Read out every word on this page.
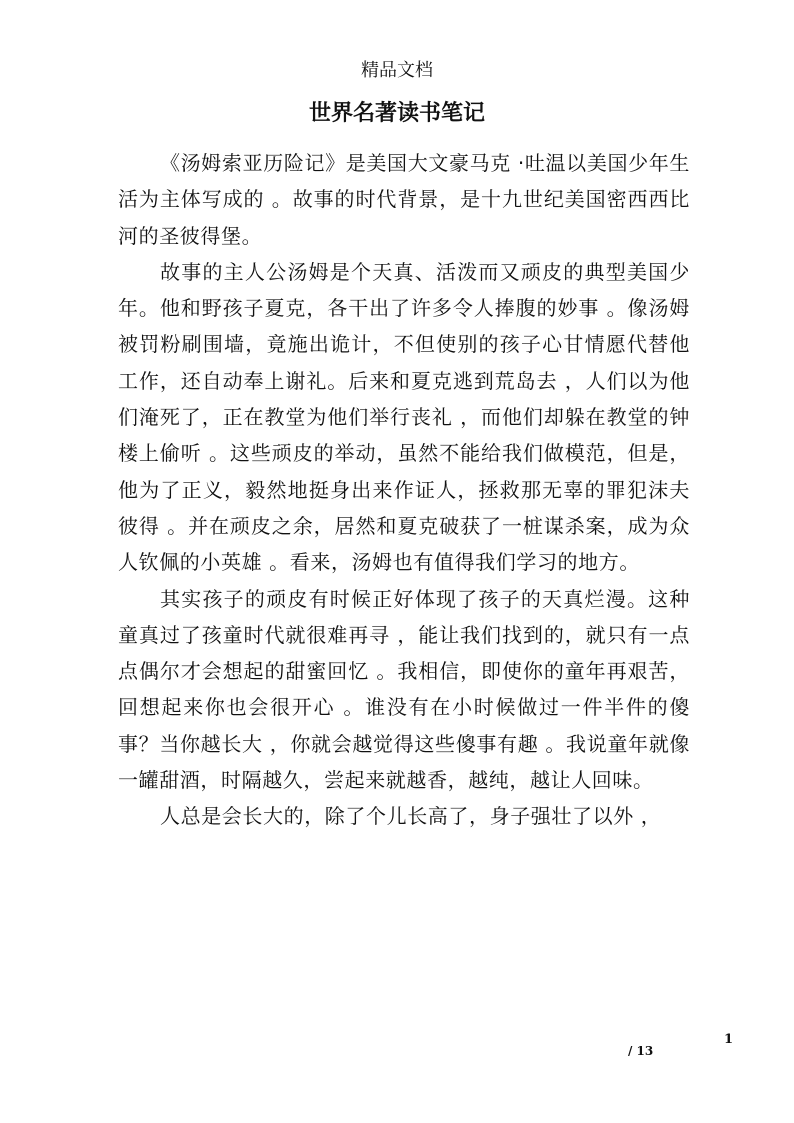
精品文档
世界名著读书笔记

《汤姆索亚历险记》是美国大文豪马克 ·吐温以美国少年生活为主体写成的 。故事的时代背景，是十九世纪美国密西西比河的圣彼得堡。

故事的主人公汤姆是个天真、活泼而又顽皮的典型美国少年。他和野孩子夏克，各干出了许多令人捧腹的妙事 。像汤姆被罚粉刷围墙，竟施出诡计，不但使别的孩子心甘情愿代替他工作，还自动奉上谢礼。后来和夏克逃到荒岛去 ，人们以为他们淹死了，正在教堂为他们举行丧礼 ，而他们却躲在教堂的钟楼上偷听 。这些顽皮的举动，虽然不能给我们做模范，但是，他为了正义，毅然地挺身出来作证人，拯救那无辜的罪犯沫夫彼得 。并在顽皮之余，居然和夏克破获了一桩谋杀案，成为众人钦佩的小英雄 。看来，汤姆也有值得我们学习的地方。

其实孩子的顽皮有时候正好体现了孩子的天真烂漫。这种童真过了孩童时代就很难再寻 ，能让我们找到的，就只有一点点偶尔才会想起的甜蜜回忆 。我相信，即使你的童年再艰苦，回想起来你也会很开心 。谁没有在小时候做过一件半件的傻事？当你越长大 ，你就会越觉得这些傻事有趣 。我说童年就像一罐甜酒，时隔越久，尝起来就越香，越纯，越让人回味。

人总是会长大的，除了个儿长高了，身子强壮了以外 ，

1
/ 13
